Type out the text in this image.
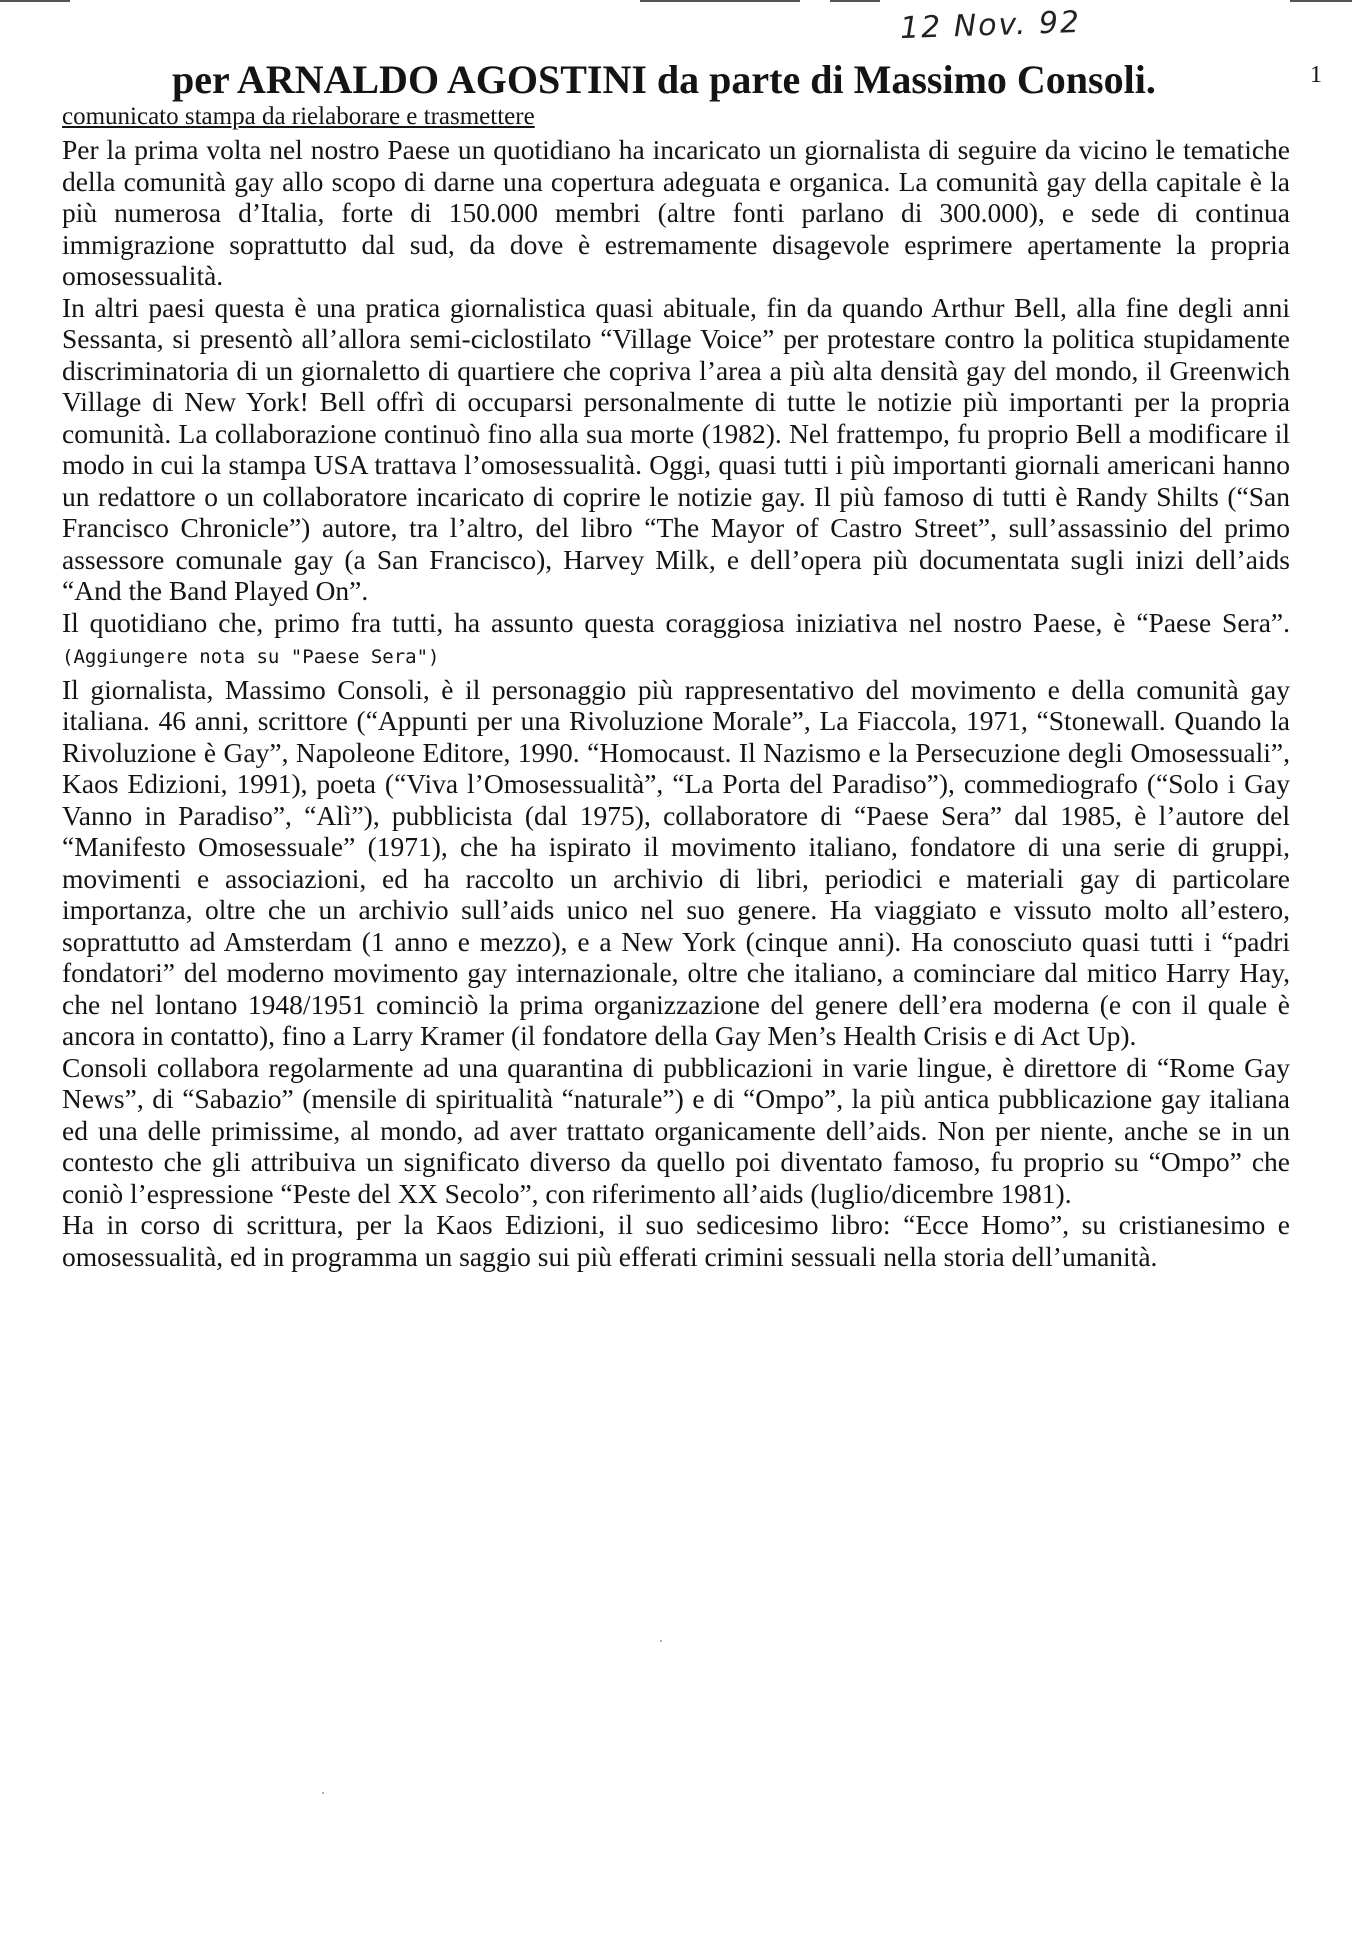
12 Nov. 92
1
per ARNALDO AGOSTINI da parte di Massimo Consoli.
comunicato stampa da rielaborare e trasmettere

Per la prima volta nel nostro Paese un quotidiano ha incaricato un giornalista di seguire da vicino le tematiche della comunità gay allo scopo di darne una copertura adeguata e organica. La comunità gay della capitale è la più numerosa d’Italia, forte di 150.000 membri (altre fonti parlano di 300.000), e sede di continua immigrazione soprattutto dal sud, da dove è estremamente disagevole esprimere apertamente la propria omosessualità.

In altri paesi questa è una pratica giornalistica quasi abituale, fin da quando Arthur Bell, alla fine degli anni Sessanta, si presentò all’allora semi-ciclostilato “Village Voice” per protestare contro la politica stupidamente discriminatoria di un giornaletto di quartiere che copriva l’area a più alta densità gay del mondo, il Greenwich Village di New York! Bell offrì di occuparsi personalmente di tutte le notizie più importanti per la propria comunità. La collaborazione continuò fino alla sua morte (1982). Nel frattempo, fu proprio Bell a modificare il modo in cui la stampa USA trattava l’omosessualità. Oggi, quasi tutti i più importanti giornali americani hanno un redattore o un collaboratore incaricato di coprire le notizie gay. Il più famoso di tutti è Randy Shilts (“San Francisco Chronicle”) autore, tra l’altro, del libro “The Mayor of Castro Street”, sull’assassinio del primo assessore comunale gay (a San Francisco), Harvey Milk, e dell’opera più documentata sugli inizi dell’aids “And the Band Played On”.

Il quotidiano che, primo fra tutti, ha assunto questa coraggiosa iniziativa nel nostro Paese, è “Paese Sera”. (Aggiungere nota su "Paese Sera")

Il giornalista, Massimo Consoli, è il personaggio più rappresentativo del movimento e della comunità gay italiana. 46 anni, scrittore (“Appunti per una Rivoluzione Morale”, La Fiaccola, 1971, “Stonewall. Quando la Rivoluzione è Gay”, Napoleone Editore, 1990. “Homocaust. Il Nazismo e la Persecuzione degli Omosessuali”, Kaos Edizioni, 1991), poeta (“Viva l’Omosessualità”, “La Porta del Paradiso”), commediografo (“Solo i Gay Vanno in Paradiso”, “Alì”), pubblicista (dal 1975), collaboratore di “Paese Sera” dal 1985, è l’autore del “Manifesto Omosessuale” (1971), che ha ispirato il movimento italiano, fondatore di una serie di gruppi, movimenti e associazioni, ed ha raccolto un archivio di libri, periodici e materiali gay di particolare importanza, oltre che un archivio sull’aids unico nel suo genere. Ha viaggiato e vissuto molto all’estero, soprattutto ad Amsterdam (1 anno e mezzo), e a New York (cinque anni). Ha conosciuto quasi tutti i “padri fondatori” del moderno movimento gay internazionale, oltre che italiano, a cominciare dal mitico Harry Hay, che nel lontano 1948/1951 cominciò la prima organizzazione del genere dell’era moderna (e con il quale è ancora in contatto), fino a Larry Kramer (il fondatore della Gay Men’s Health Crisis e di Act Up).

Consoli collabora regolarmente ad una quarantina di pubblicazioni in varie lingue, è direttore di “Rome Gay News”, di “Sabazio” (mensile di spiritualità “naturale”) e di “Ompo”, la più antica pubblicazione gay italiana ed una delle primissime, al mondo, ad aver trattato organicamente dell’aids. Non per niente, anche se in un contesto che gli attribuiva un significato diverso da quello poi diventato famoso, fu proprio su “Ompo” che coniò l’espressione “Peste del XX Secolo”, con riferimento all’aids (luglio/dicembre 1981).

Ha in corso di scrittura, per la Kaos Edizioni, il suo sedicesimo libro: “Ecce Homo”, su cristianesimo e omosessualità, ed in programma un saggio sui più efferati crimini sessuali nella storia dell’umanità.
